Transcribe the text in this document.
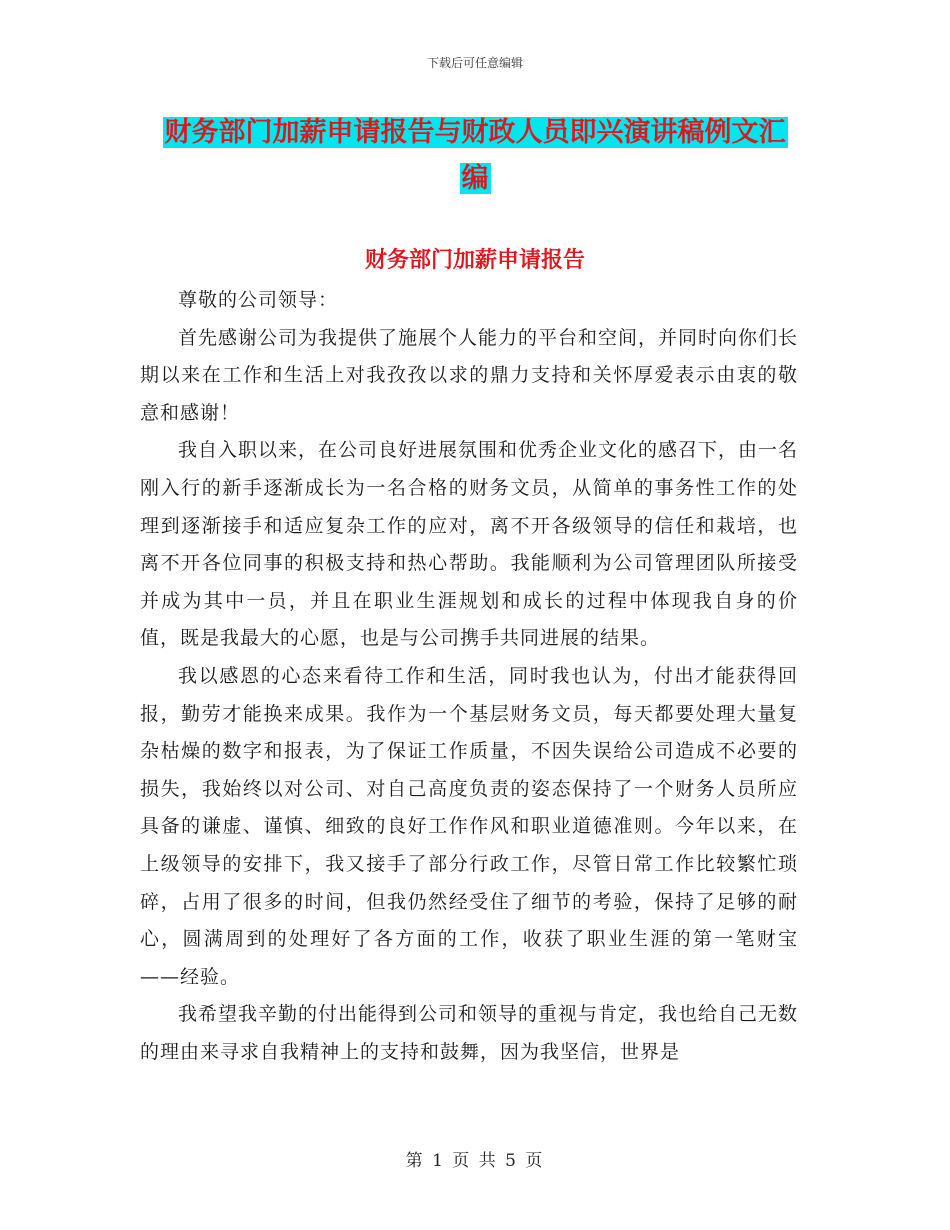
下载后可任意编辑
财务部门加薪申请报告与财政人员即兴演讲稿例文汇
编
财务部门加薪申请报告

尊敬的公司领导：

首先感谢公司为我提供了施展个人能力的平台和空间，并同时向你们长期以来在工作和生活上对我孜孜以求的鼎力支持和关怀厚爱表示由衷的敬意和感谢！

我自入职以来，在公司良好进展氛围和优秀企业文化的感召下，由一名刚入行的新手逐渐成长为一名合格的财务文员，从简单的事务性工作的处理到逐渐接手和适应复杂工作的应对，离不开各级领导的信任和栽培，也离不开各位同事的积极支持和热心帮助。我能顺利为公司管理团队所接受并成为其中一员，并且在职业生涯规划和成长的过程中体现我自身的价值，既是我最大的心愿，也是与公司携手共同进展的结果。

我以感恩的心态来看待工作和生活，同时我也认为，付出才能获得回报，勤劳才能换来成果。我作为一个基层财务文员，每天都要处理大量复杂枯燥的数字和报表，为了保证工作质量，不因失误给公司造成不必要的损失，我始终以对公司、对自己高度负责的姿态保持了一个财务人员所应具备的谦虚、谨慎、细致的良好工作作风和职业道德准则。今年以来，在上级领导的安排下，我又接手了部分行政工作，尽管日常工作比较繁忙琐碎，占用了很多的时间，但我仍然经受住了细节的考验，保持了足够的耐心，圆满周到的处理好了各方面的工作，收获了职业生涯的第一笔财宝——经验。

我希望我辛勤的付出能得到公司和领导的重视与肯定，我也给自己无数的理由来寻求自我精神上的支持和鼓舞，因为我坚信，世界是

第 1 页 共 5 页
